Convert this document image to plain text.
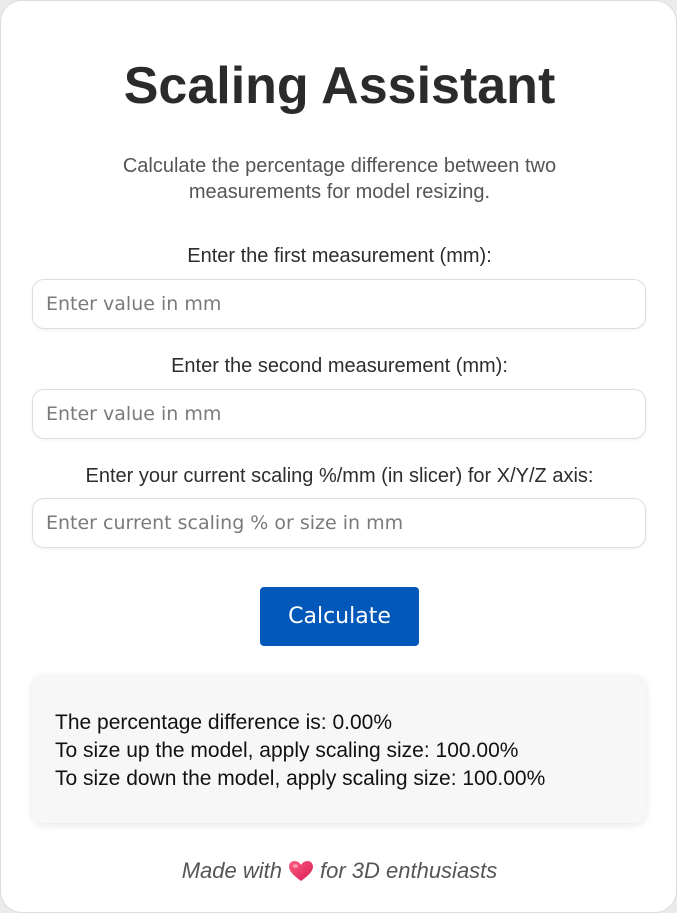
Scaling Assistant

Calculate the percentage difference between two measurements for model resizing.

Enter the first measurement (mm):
Enter value in mm
Enter the second measurement (mm):
Enter value in mm
Enter your current scaling %/mm (in slicer) for X/Y/Z axis:
Enter current scaling % or size in mm
Calculate
The percentage difference is: 0.00%
To size up the model, apply scaling size: 100.00%
To size down the model, apply scaling size: 100.00%

Made with for 3D enthusiasts
